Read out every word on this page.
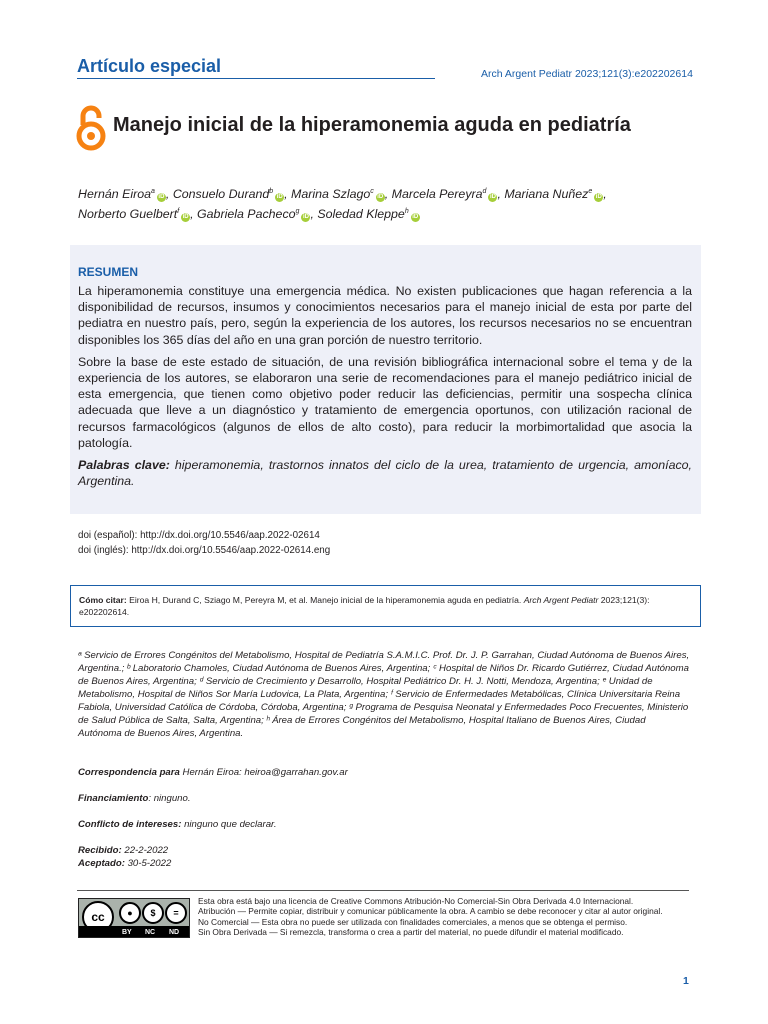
Artículo especial	Arch Argent Pediatr 2023;121(3):e202202614
Manejo inicial de la hiperamonemia aguda en pediatría
Hernán Eiroa$^a$iD , Consuelo Durand$^b$iD , Marina Szlago$^c$iD , Marcela Pereyra$^d$iD , Mariana Nuñez$^e$iD ,
Norberto Guelbert$^f$iD , Gabriela Pacheco$^g$iD , Soledad Kleppe$^h$iD
RESUMEN

La hiperamonemia constituye una emergencia médica. No existen publicaciones que hagan referencia a la disponibilidad de recursos, insumos y conocimientos necesarios para el manejo inicial de esta por parte del pediatra en nuestro país, pero, según la experiencia de los autores, los recursos necesarios no se encuentran disponibles los 365 días del año en una gran porción de nuestro territorio.

Sobre la base de este estado de situación, de una revisión bibliográfica internacional sobre el tema y de la experiencia de los autores, se elaboraron una serie de recomendaciones para el manejo pediátrico inicial de esta emergencia, que tienen como objetivo poder reducir las deficiencias, permitir una sospecha clínica adecuada que lleve a un diagnóstico y tratamiento de emergencia oportunos, con utilización racional de recursos farmacológicos (algunos de ellos de alto costo), para reducir la morbimortalidad que asocia la patología.

Palabras clave: hiperamonemia, trastornos innatos del ciclo de la urea, tratamiento de urgencia, amoníaco, Argentina.

doi (español): http://dx.doi.org/10.5546/aap.2022-02614
doi (inglés): http://dx.doi.org/10.5546/aap.2022-02614.eng
Cómo citar: Eiroa H, Durand C, Sziago M, Pereyra M, et al. Manejo inicial de la hiperamonemia aguda en pediatría. Arch Argent Pediatr 2023;121(3): e202202614.
ᵃ Servicio de Errores Congénitos del Metabolismo, Hospital de Pediatría S.A.M.I.C. Prof. Dr. J. P. Garrahan, Ciudad Autónoma de Buenos Aires, Argentina.; ᵇ Laboratorio Chamoles, Ciudad Autónoma de Buenos Aires, Argentina; ᶜ Hospital de Niños Dr. Ricardo Gutiérrez, Ciudad Autónoma de Buenos Aires, Argentina; ᵈ Servicio de Crecimiento y Desarrollo, Hospital Pediátrico Dr. H. J. Notti, Mendoza, Argentina; ᵉ Unidad de Metabolismo, Hospital de Niños Sor María Ludovica, La Plata, Argentina; ᶠ Servicio de Enfermedades Metabólicas, Clínica Universitaria Reina Fabiola, Universidad Católica de Córdoba, Córdoba, Argentina; ᵍ Programa de Pesquisa Neonatal y Enfermedades Poco Frecuentes, Ministerio de Salud Pública de Salta, Salta, Argentina; ʰ Área de Errores Congénitos del Metabolismo, Hospital Italiano de Buenos Aires, Ciudad Autónoma de Buenos Aires, Argentina.
Correspondencia para Hernán Eiroa: heiroa@garrahan.gov.ar
Financiamiento: ninguno.
Conflicto de intereses: ninguno que declarar.
Recibido: 22-2-2022
Aceptado: 30-5-2022
cc	●	$	=
BY NC ND
Esta obra está bajo una licencia de Creative Commons Atribución-No Comercial-Sin Obra Derivada 4.0 Internacional.
Atribución — Permite copiar, distribuir y comunicar públicamente la obra. A cambio se debe reconocer y citar al autor original.
No Comercial — Esta obra no puede ser utilizada con finalidades comerciales, a menos que se obtenga el permiso.
Sin Obra Derivada — Si remezcla, transforma o crea a partir del material, no puede difundir el material modificado.
1
